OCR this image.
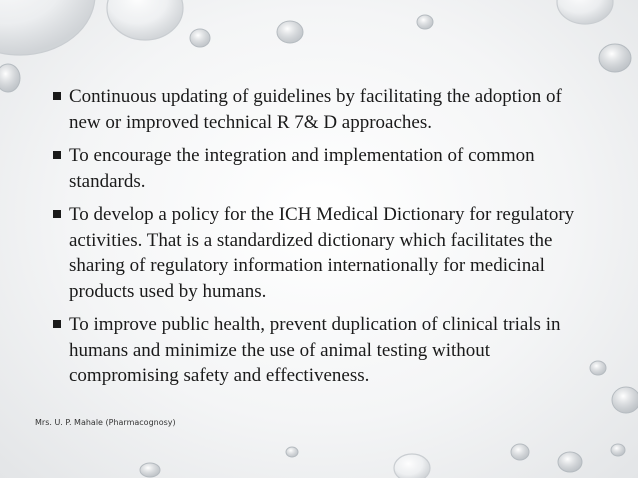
Continuous updating of guidelines by facilitating the adoption of new or improved technical R 7& D approaches.
To encourage the integration and implementation of common standards.
To develop a policy for the ICH Medical Dictionary for regulatory activities. That is a standardized dictionary which facilitates the sharing of regulatory information internationally for medicinal products used by humans.
To improve public health, prevent duplication of clinical trials in humans and minimize the use of animal testing without compromising safety and effectiveness.
Mrs. U. P. Mahale (Pharmacognosy)
